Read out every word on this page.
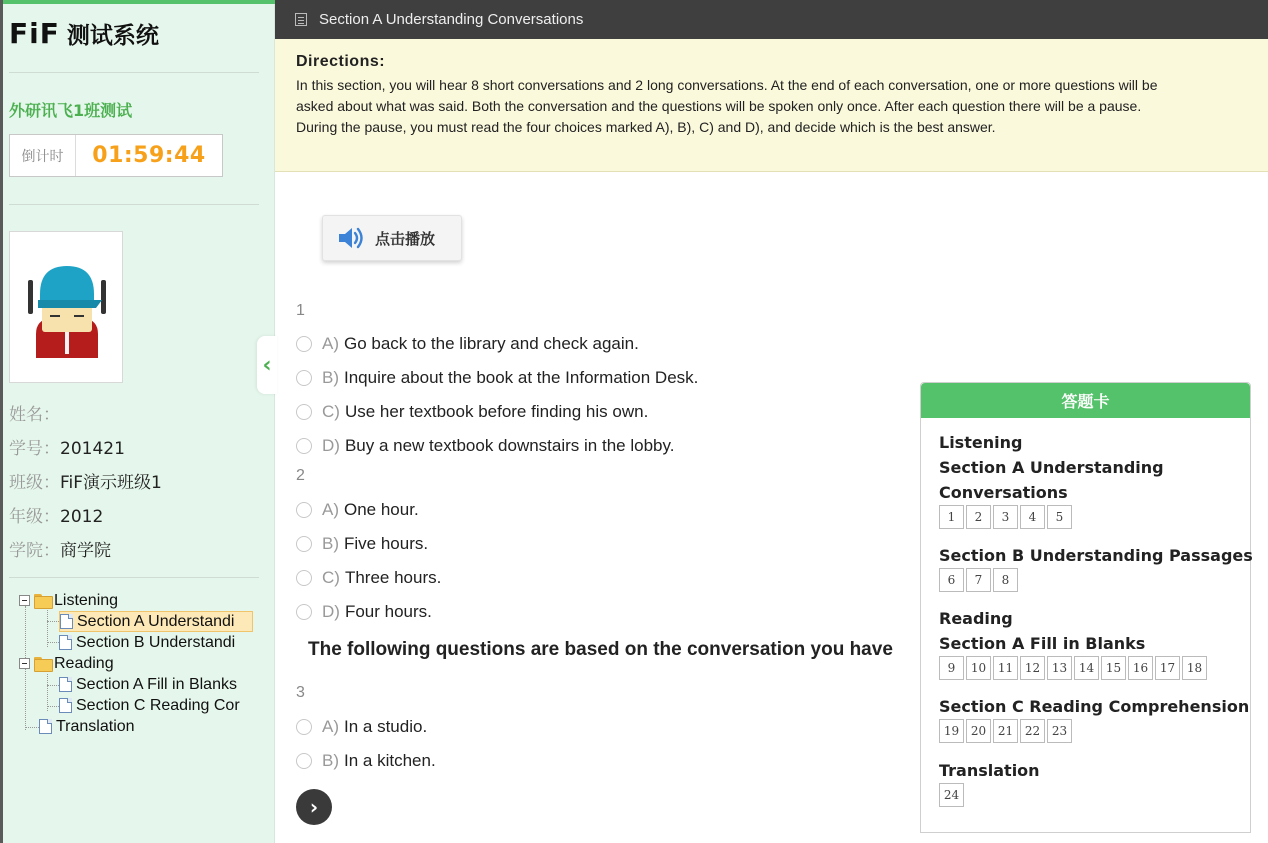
FiF 测试系统
外研讯飞1班测试
倒计时	01:59:44
姓名：
学号：201421
班级：FiF演示班级1
年级：2012
学院：商学院
Listening
Section A Understandi
Section B Understandi
Reading
Section A Fill in Blanks
Section C Reading Cor
Translation
‹
Section A Understanding Conversations
Directions:

In this section, you will hear 8 short conversations and 2 long conversations. At the end of each conversation, one or more questions will be asked about what was said. Both the conversation and the questions will be spoken only once. After each question there will be a pause. During the pause, you must read the four choices marked A), B), C) and D), and decide which is the best answer.

点击播放
1
A) Go back to the library and check again.
B) Inquire about the book at the Information Desk.
C) Use her textbook before finding his own.
D) Buy a new textbook downstairs in the lobby.
2
A) One hour.
B) Five hours.
C) Three hours.
D) Four hours.
The following questions are based on the conversation you have
3
A) In a studio.
B) In a kitchen.
›
答题卡
Listening
Section A Understanding
Conversations
1	2	3	4	5
Section B Understanding Passages
6	7	8
Reading
Section A Fill in Blanks
9	10 11 12 13 14 15 16 17 18
Section C Reading Comprehension
19 20 21 22 23
Translation
24
